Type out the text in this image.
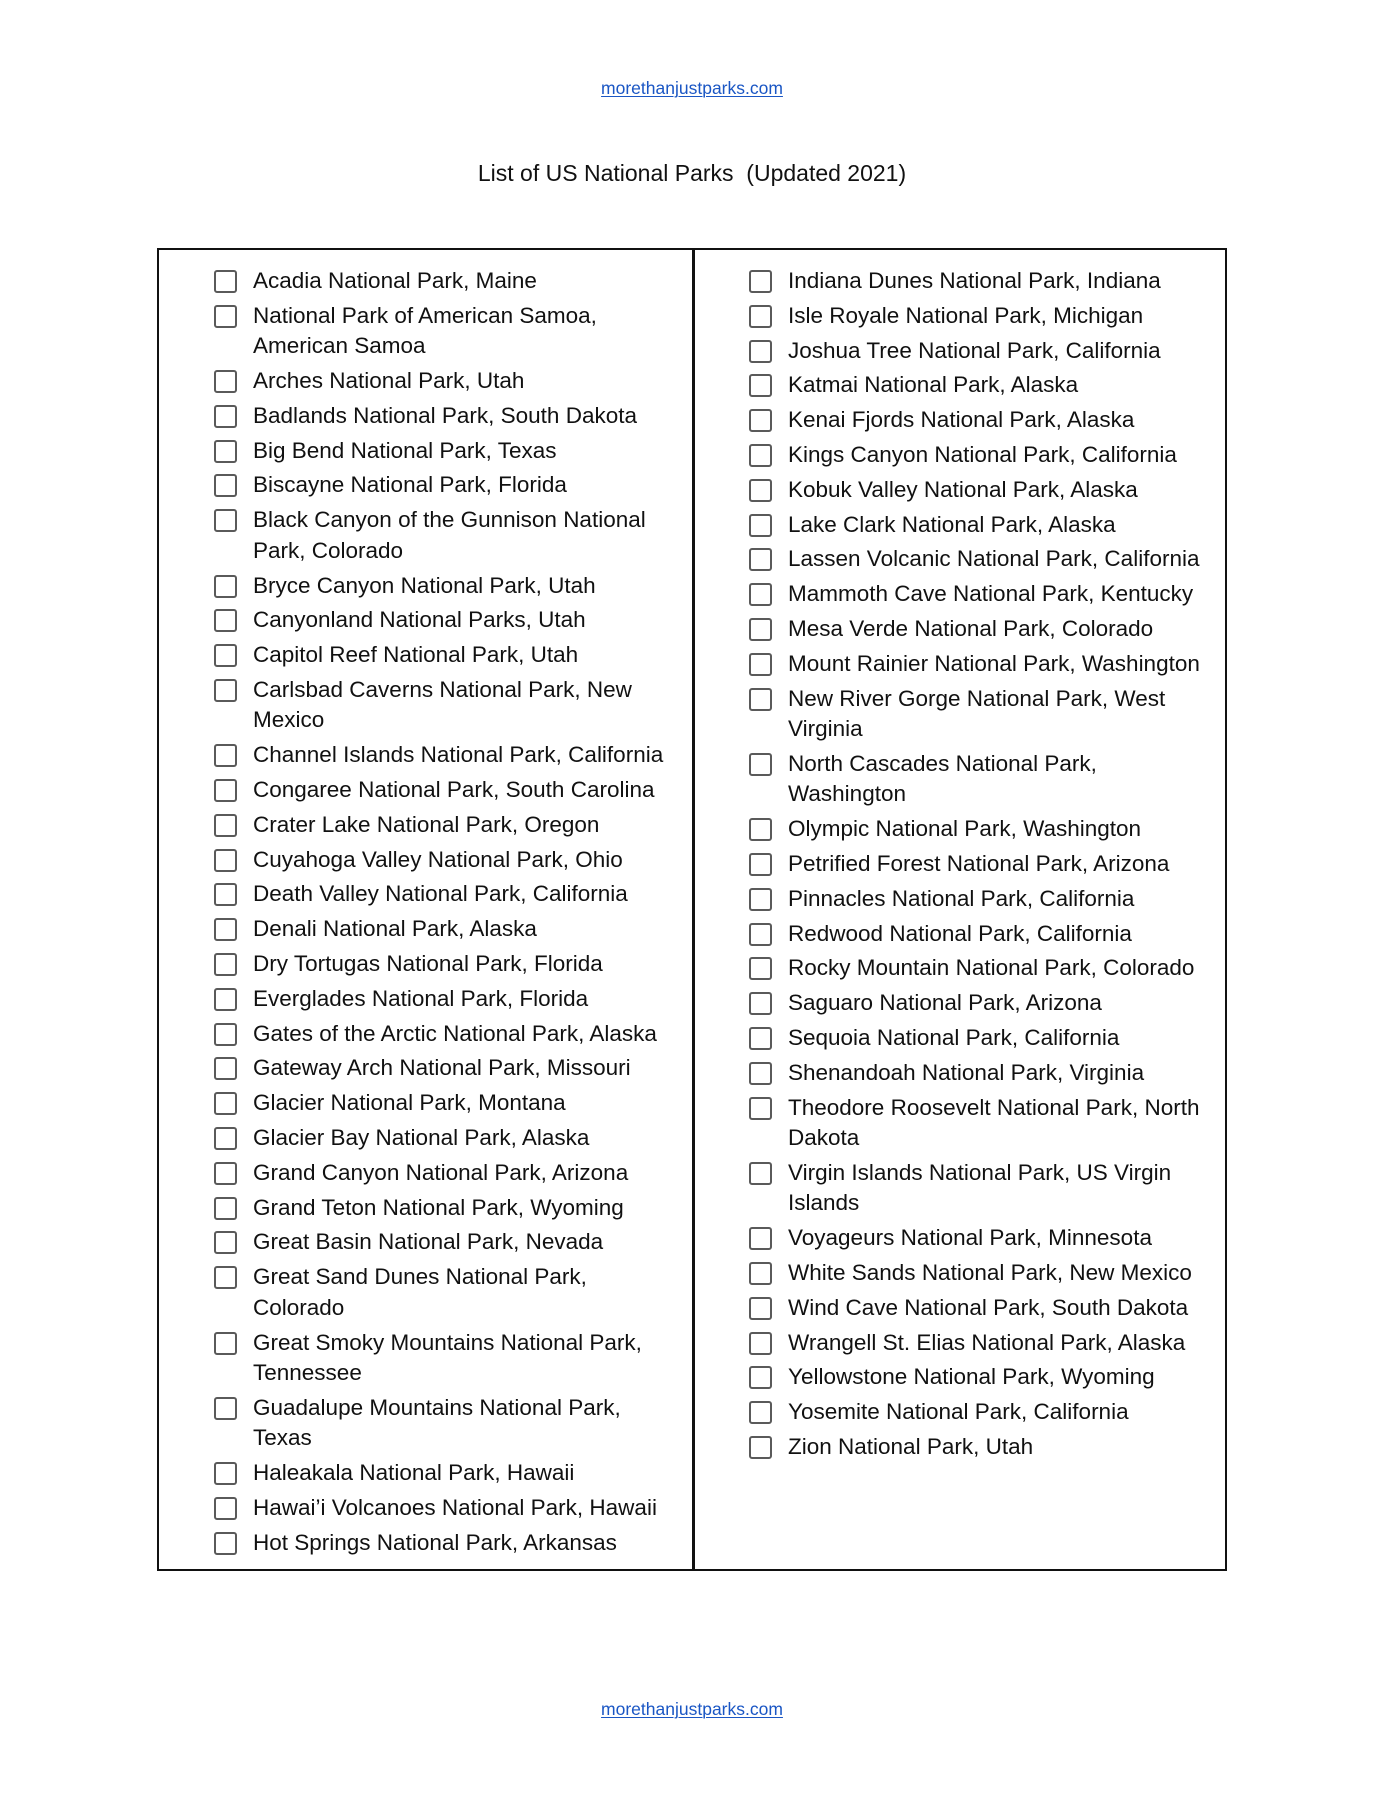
morethanjustparks.com
List of US National Parks  (Updated 2021)
Acadia National Park, Maine
National Park of American Samoa, American Samoa
Arches National Park, Utah
Badlands National Park, South Dakota
Big Bend National Park, Texas
Biscayne National Park, Florida
Black Canyon of the Gunnison National Park, Colorado
Bryce Canyon National Park, Utah
Canyonland National Parks, Utah
Capitol Reef National Park, Utah
Carlsbad Caverns National Park, New Mexico
Channel Islands National Park, California
Congaree National Park, South Carolina
Crater Lake National Park, Oregon
Cuyahoga Valley National Park, Ohio
Death Valley National Park, California
Denali National Park, Alaska
Dry Tortugas National Park, Florida
Everglades National Park, Florida
Gates of the Arctic National Park, Alaska
Gateway Arch National Park, Missouri
Glacier National Park, Montana
Glacier Bay National Park, Alaska
Grand Canyon National Park, Arizona
Grand Teton National Park, Wyoming
Great Basin National Park, Nevada
Great Sand Dunes National Park, Colorado
Great Smoky Mountains National Park, Tennessee
Guadalupe Mountains National Park, Texas
Haleakala National Park, Hawaii
Hawai’i Volcanoes National Park, Hawaii
Hot Springs National Park, Arkansas
Indiana Dunes National Park, Indiana
Isle Royale National Park, Michigan
Joshua Tree National Park, California
Katmai National Park, Alaska
Kenai Fjords National Park, Alaska
Kings Canyon National Park, California
Kobuk Valley National Park, Alaska
Lake Clark National Park, Alaska
Lassen Volcanic National Park, California
Mammoth Cave National Park, Kentucky
Mesa Verde National Park, Colorado
Mount Rainier National Park, Washington
New River Gorge National Park, West Virginia
North Cascades National Park, Washington
Olympic National Park, Washington
Petrified Forest National Park, Arizona
Pinnacles National Park, California
Redwood National Park, California
Rocky Mountain National Park, Colorado
Saguaro National Park, Arizona
Sequoia National Park, California
Shenandoah National Park, Virginia
Theodore Roosevelt National Park, North Dakota
Virgin Islands National Park, US Virgin Islands
Voyageurs National Park, Minnesota
White Sands National Park, New Mexico
Wind Cave National Park, South Dakota
Wrangell St. Elias National Park, Alaska
Yellowstone National Park, Wyoming
Yosemite National Park, California
Zion National Park, Utah
morethanjustparks.com
